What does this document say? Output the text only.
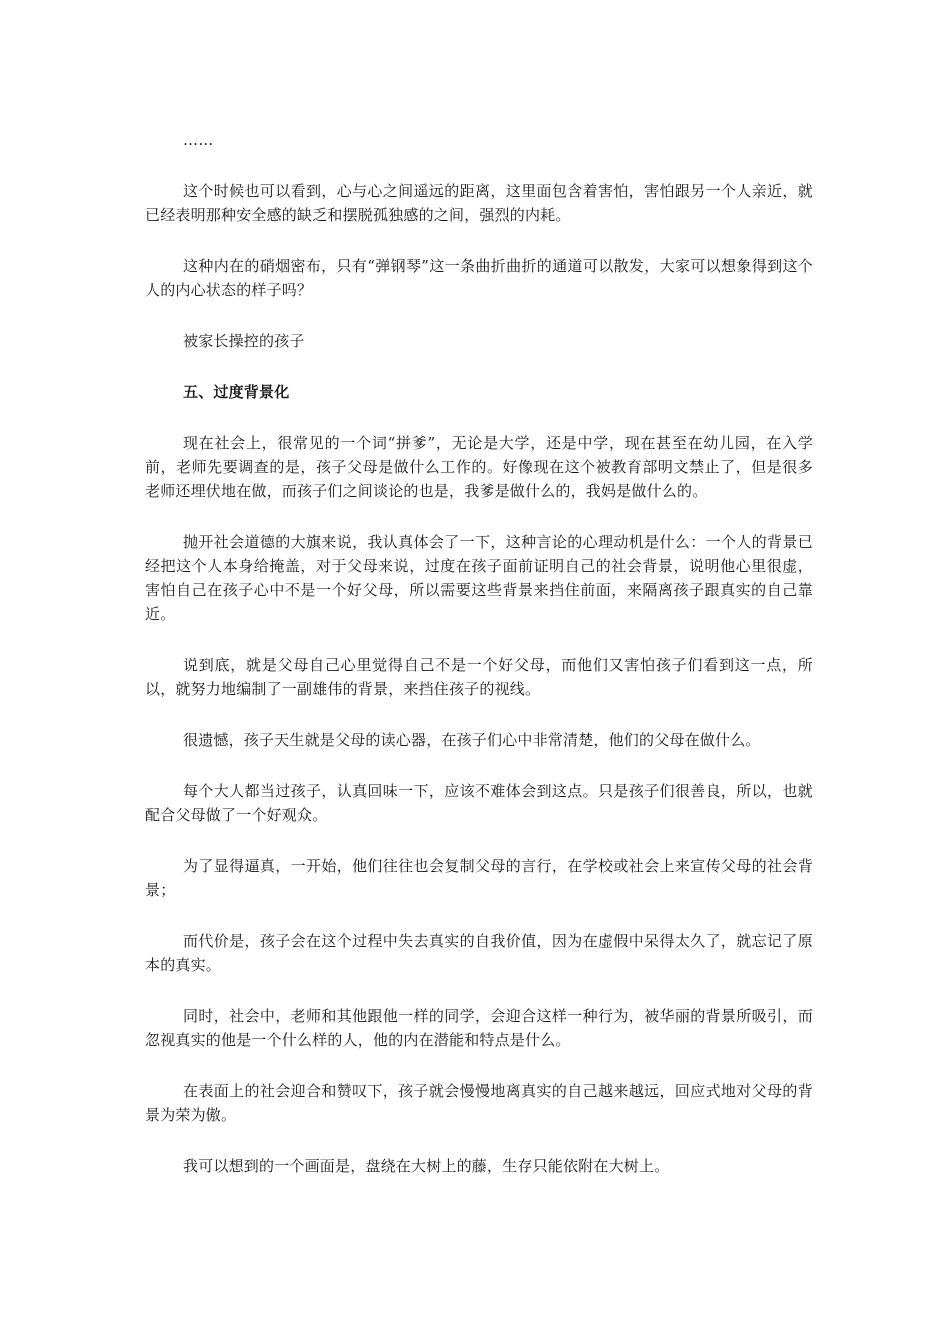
……

这个时候也可以看到，心与心之间遥远的距离，这里面包含着害怕，害怕跟另一个人亲近，就已经表明那种安全感的缺乏和摆脱孤独感的之间，强烈的内耗。

这种内在的硝烟密布，只有“弹钢琴”这一条曲折曲折的通道可以散发，大家可以想象得到这个人的内心状态的样子吗？

被家长操控的孩子

五、过度背景化

现在社会上，很常见的一个词“拼爹”，无论是大学，还是中学，现在甚至在幼儿园，在入学前，老师先要调查的是，孩子父母是做什么工作的。好像现在这个被教育部明文禁止了，但是很多老师还埋伏地在做，而孩子们之间谈论的也是，我爹是做什么的，我妈是做什么的。

抛开社会道德的大旗来说，我认真体会了一下，这种言论的心理动机是什么：一个人的背景已经把这个人本身给掩盖，对于父母来说，过度在孩子面前证明自己的社会背景，说明他心里很虚，害怕自己在孩子心中不是一个好父母，所以需要这些背景来挡住前面，来隔离孩子跟真实的自己靠近。

说到底，就是父母自己心里觉得自己不是一个好父母，而他们又害怕孩子们看到这一点，所以，就努力地编制了一副雄伟的背景，来挡住孩子的视线。

很遗憾，孩子天生就是父母的读心器，在孩子们心中非常清楚，他们的父母在做什么。

每个大人都当过孩子，认真回味一下，应该不难体会到这点。只是孩子们很善良，所以，也就配合父母做了一个好观众。

为了显得逼真，一开始，他们往往也会复制父母的言行，在学校或社会上来宣传父母的社会背景；

而代价是，孩子会在这个过程中失去真实的自我价值，因为在虚假中呆得太久了，就忘记了原本的真实。

同时，社会中，老师和其他跟他一样的同学，会迎合这样一种行为，被华丽的背景所吸引，而忽视真实的他是一个什么样的人，他的内在潜能和特点是什么。

在表面上的社会迎合和赞叹下，孩子就会慢慢地离真实的自己越来越远，回应式地对父母的背景为荣为傲。

我可以想到的一个画面是，盘绕在大树上的藤，生存只能依附在大树上。
